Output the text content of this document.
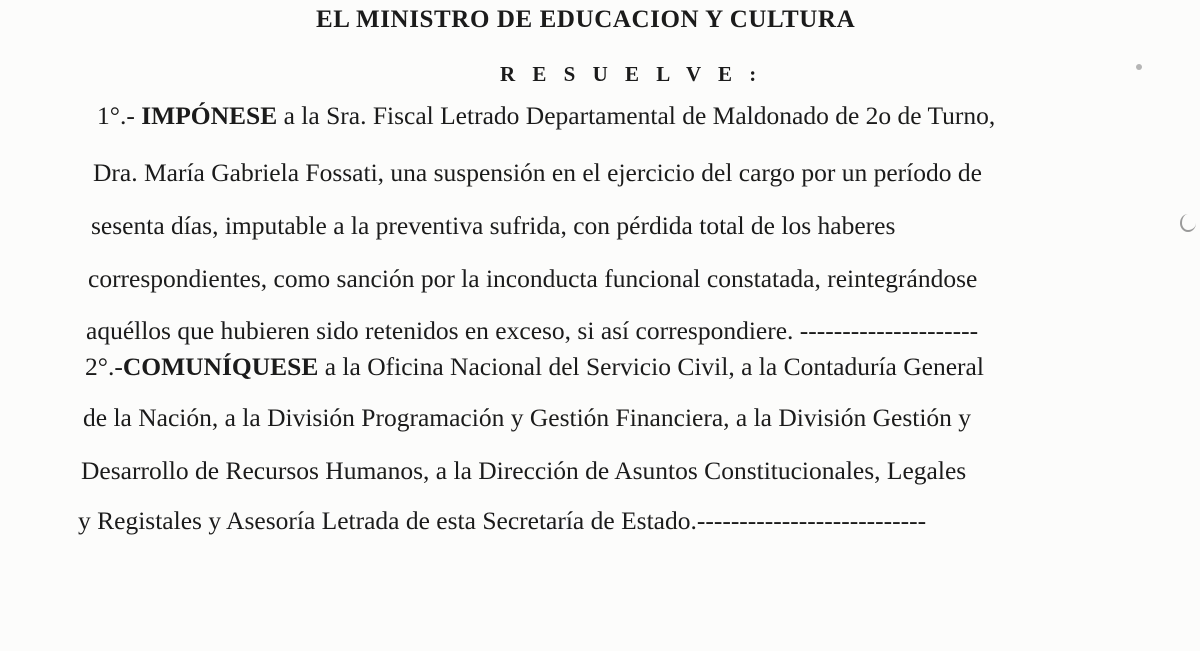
EL MINISTRO DE EDUCACION Y CULTURA
R E S U E L V E :
1°.- IMPÓNESE a la Sra. Fiscal Letrado Departamental de Maldonado de 2o de Turno,
Dra. María Gabriela Fossati, una suspensión en el ejercicio del cargo por un período de
sesenta días, imputable a la preventiva sufrida, con pérdida total de los haberes
correspondientes, como sanción por la inconducta funcional constatada, reintegrándose
aquéllos que hubieren sido retenidos en exceso, si así correspondiere. ---------------------
2°.-COMUNÍQUESE a la Oficina Nacional del Servicio Civil, a la Contaduría General
de la Nación, a la División Programación y Gestión Financiera, a la División Gestión y
Desarrollo de Recursos Humanos, a la Dirección de Asuntos Constitucionales, Legales
y Registales y Asesoría Letrada de esta Secretaría de Estado.---------------------------
